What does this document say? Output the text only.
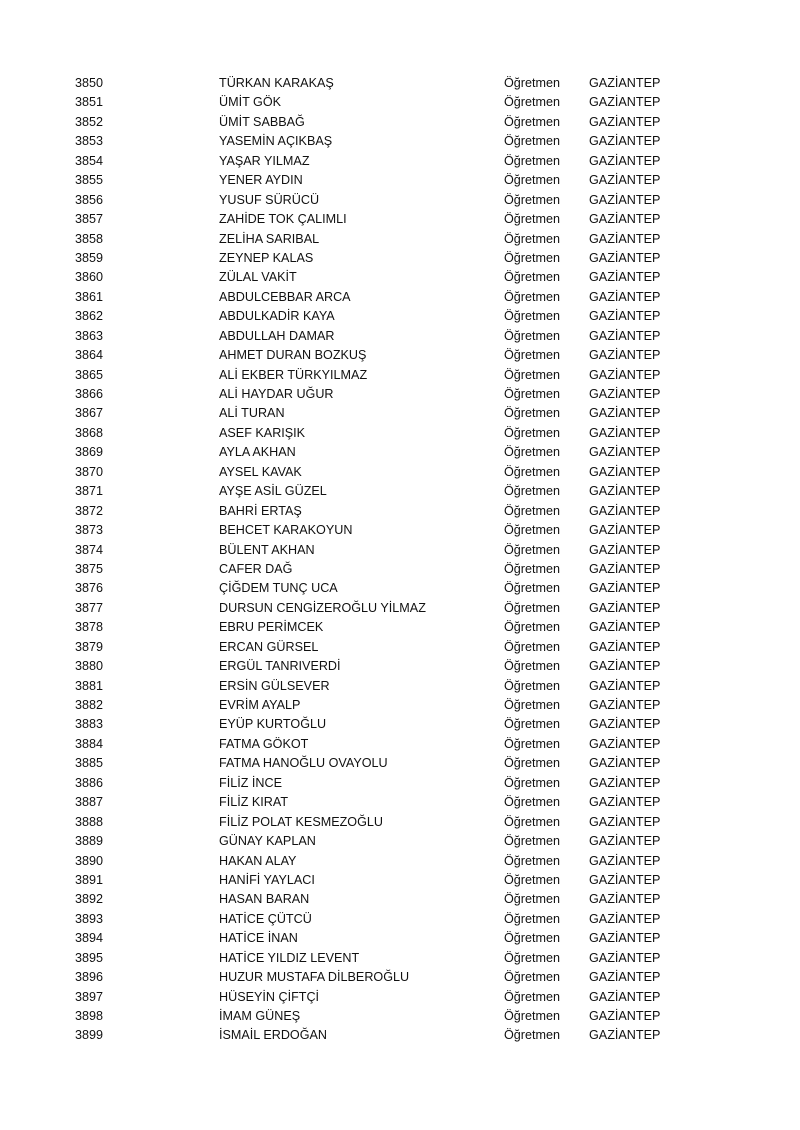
3850	TÜRKAN KARAKAŞ	Öğretmen GAZİANTEP
3851	ÜMİT GÖK	Öğretmen GAZİANTEP
3852	ÜMİT SABBAĞ	Öğretmen GAZİANTEP
3853	YASEMİN AÇIKBAŞ	Öğretmen GAZİANTEP
3854	YAŞAR YILMAZ	Öğretmen GAZİANTEP
3855	YENER AYDIN	Öğretmen GAZİANTEP
3856	YUSUF SÜRÜCÜ	Öğretmen GAZİANTEP
3857	ZAHİDE TOK ÇALIMLI	Öğretmen GAZİANTEP
3858	ZELİHA SARIBAL	Öğretmen GAZİANTEP
3859	ZEYNEP KALAS	Öğretmen GAZİANTEP
3860	ZÜLAL VAKİT	Öğretmen GAZİANTEP
3861	ABDULCEBBAR ARCA	Öğretmen GAZİANTEP
3862	ABDULKADİR KAYA	Öğretmen GAZİANTEP
3863	ABDULLAH DAMAR	Öğretmen GAZİANTEP
3864	AHMET DURAN BOZKUŞ	Öğretmen GAZİANTEP
3865	ALİ EKBER TÜRKYILMAZ	Öğretmen GAZİANTEP
3866	ALİ HAYDAR UĞUR	Öğretmen GAZİANTEP
3867	ALİ TURAN	Öğretmen GAZİANTEP
3868	ASEF KARIŞIK	Öğretmen GAZİANTEP
3869	AYLA AKHAN	Öğretmen GAZİANTEP
3870	AYSEL KAVAK	Öğretmen GAZİANTEP
3871	AYŞE ASİL GÜZEL	Öğretmen GAZİANTEP
3872	BAHRİ ERTAŞ	Öğretmen GAZİANTEP
3873	BEHCET KARAKOYUN	Öğretmen GAZİANTEP
3874	BÜLENT AKHAN	Öğretmen GAZİANTEP
3875	CAFER DAĞ	Öğretmen GAZİANTEP
3876	ÇİĞDEM TUNÇ UCA	Öğretmen GAZİANTEP
3877	DURSUN CENGİZEROĞLU YİLMAZ	Öğretmen GAZİANTEP
3878	EBRU PERİMCEK	Öğretmen GAZİANTEP
3879	ERCAN GÜRSEL	Öğretmen GAZİANTEP
3880	ERGÜL TANRIVERDİ	Öğretmen GAZİANTEP
3881	ERSİN GÜLSEVER	Öğretmen GAZİANTEP
3882	EVRİM AYALP	Öğretmen GAZİANTEP
3883	EYÜP KURTOĞLU	Öğretmen GAZİANTEP
3884	FATMA GÖKOT	Öğretmen GAZİANTEP
3885	FATMA HANOĞLU OVAYOLU	Öğretmen GAZİANTEP
3886	FİLİZ İNCE	Öğretmen GAZİANTEP
3887	FİLİZ KIRAT	Öğretmen GAZİANTEP
3888	FİLİZ POLAT KESMEZOĞLU	Öğretmen GAZİANTEP
3889	GÜNAY KAPLAN	Öğretmen GAZİANTEP
3890	HAKAN ALAY	Öğretmen GAZİANTEP
3891	HANİFİ YAYLACI	Öğretmen GAZİANTEP
3892	HASAN BARAN	Öğretmen GAZİANTEP
3893	HATİCE ÇÜTCÜ	Öğretmen GAZİANTEP
3894	HATİCE İNAN	Öğretmen GAZİANTEP
3895	HATİCE YILDIZ LEVENT	Öğretmen GAZİANTEP
3896	HUZUR MUSTAFA DİLBEROĞLU	Öğretmen GAZİANTEP
3897	HÜSEYİN ÇİFTÇİ	Öğretmen GAZİANTEP
3898	İMAM GÜNEŞ	Öğretmen GAZİANTEP
3899	İSMAİL ERDOĞAN	Öğretmen GAZİANTEP
